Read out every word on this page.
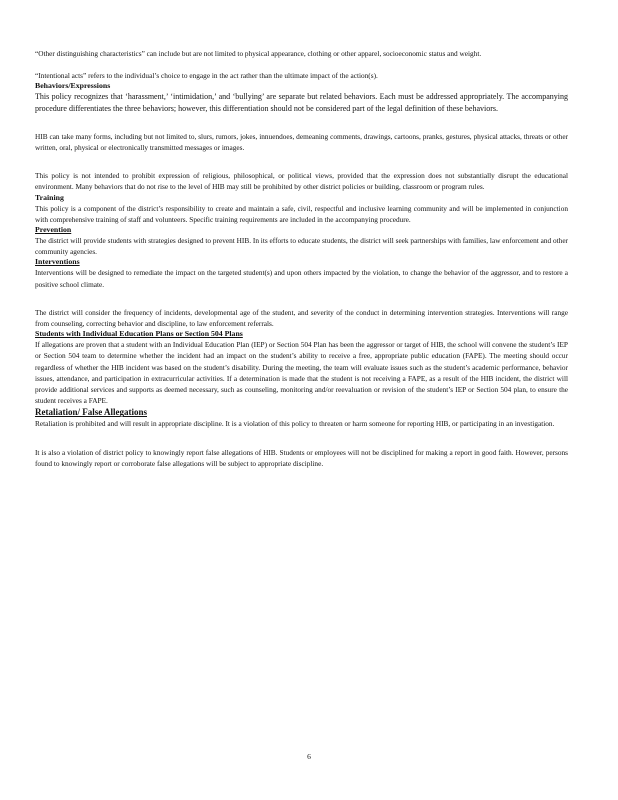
“Other distinguishing characteristics” can include but are not limited to physical appearance, clothing or other apparel, socioeconomic status and weight.

“Intentional acts” refers to the individual’s choice to engage in the act rather than the ultimate impact of the action(s).

Behaviors/Expressions

This policy recognizes that ‘harassment,’ ‘intimidation,’ and ‘bullying’ are separate but related behaviors. Each must be addressed appropriately. The accompanying procedure differentiates the three behaviors; however, this differentiation should not be considered part of the legal definition of these behaviors.

HIB can take many forms, including but not limited to, slurs, rumors, jokes, innuendoes, demeaning comments, drawings, cartoons, pranks, gestures, physical attacks, threats or other written, oral, physical or electronically transmitted messages or images.

This policy is not intended to prohibit expression of religious, philosophical, or political views, provided that the expression does not substantially disrupt the educational environment. Many behaviors that do not rise to the level of HIB may still be prohibited by other district policies or building, classroom or program rules.

Training

This policy is a component of the district’s responsibility to create and maintain a safe, civil, respectful and inclusive learning community and will be implemented in conjunction with comprehensive training of staff and volunteers. Specific training requirements are included in the accompanying procedure.

Prevention

The district will provide students with strategies designed to prevent HIB. In its efforts to educate students, the district will seek partnerships with families, law enforcement and other community agencies.

Interventions

Interventions will be designed to remediate the impact on the targeted student(s) and upon others impacted by the violation, to change the behavior of the aggressor, and to restore a positive school climate.

The district will consider the frequency of incidents, developmental age of the student, and severity of the conduct in determining intervention strategies. Interventions will range from counseling, correcting behavior and discipline, to law enforcement referrals.

Students with Individual Education Plans or Section 504 Plans

If allegations are proven that a student with an Individual Education Plan (IEP) or Section 504 Plan has been the aggressor or target of HIB, the school will convene the student’s IEP or Section 504 team to determine whether the incident had an impact on the student’s ability to receive a free, appropriate public education (FAPE). The meeting should occur regardless of whether the HIB incident was based on the student’s disability. During the meeting, the team will evaluate issues such as the student’s academic performance, behavior issues, attendance, and participation in extracurricular activities. If a determination is made that the student is not receiving a FAPE, as a result of the HIB incident, the district will provide additional services and supports as deemed necessary, such as counseling, monitoring and/or reevaluation or revision of the student’s IEP or Section 504 plan, to ensure the student receives a FAPE.

Retaliation/ False Allegations

Retaliation is prohibited and will result in appropriate discipline. It is a violation of this policy to threaten or harm someone for reporting HIB, or participating in an investigation.

It is also a violation of district policy to knowingly report false allegations of HIB. Students or employees will not be disciplined for making a report in good faith. However, persons found to knowingly report or corroborate false allegations will be subject to appropriate discipline.

6
